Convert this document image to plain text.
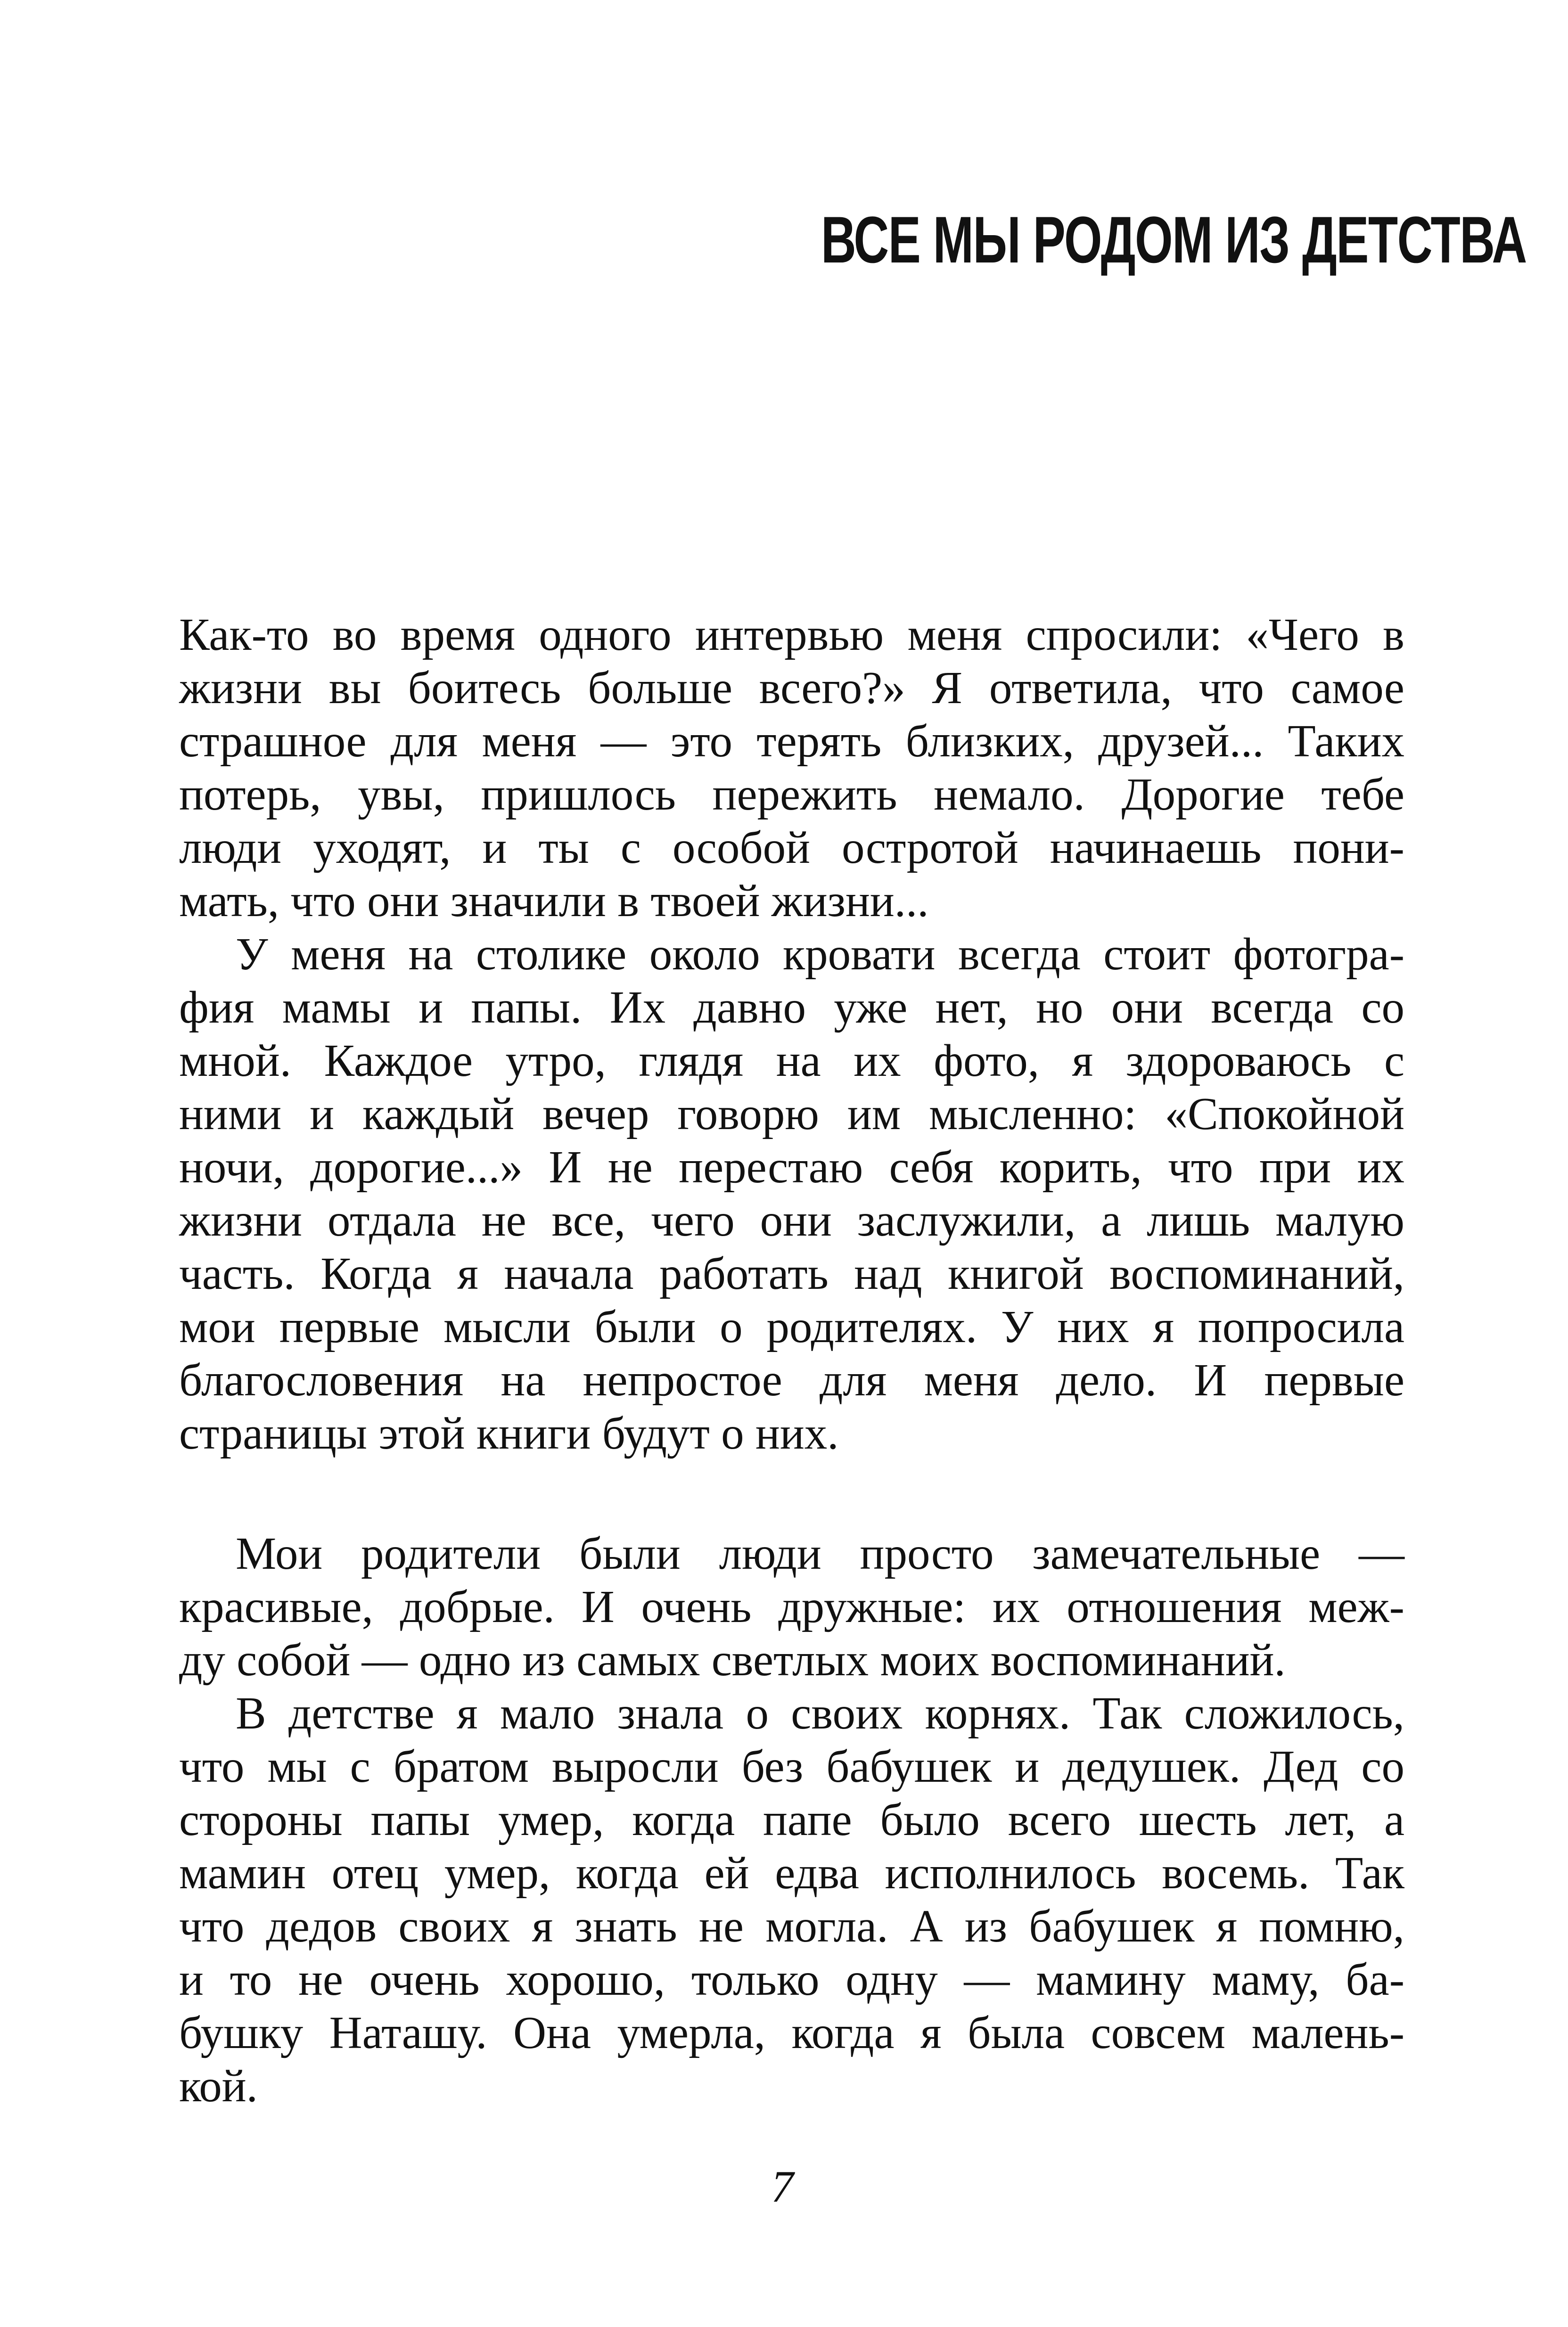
ВСЕ МЫ РОДОМ ИЗ ДЕТСТВА
Как-то во время одного интервью меня спросили: «Чего в
жизни вы боитесь больше всего?» Я ответила, что самое
страшное для меня — это терять близких, друзей... Таких
потерь, увы, пришлось пережить немало. Дорогие тебе
люди уходят, и ты с особой остротой начинаешь пони-
мать, что они значили в твоей жизни...
У меня на столике около кровати всегда стоит фотогра-
фия мамы и папы. Их давно уже нет, но они всегда со
мной. Каждое утро, глядя на их фото, я здороваюсь с
ними и каждый вечер говорю им мысленно: «Спокойной
ночи, дорогие...» И не перестаю себя корить, что при их
жизни отдала не все, чего они заслужили, а лишь малую
часть. Когда я начала работать над книгой воспоминаний,
мои первые мысли были о родителях. У них я попросила
благословения на непростое для меня дело. И первые
страницы этой книги будут о них.
Мои родители были люди просто замечательные —
красивые, добрые. И очень дружные: их отношения меж-
ду собой — одно из самых светлых моих воспоминаний.
В детстве я мало знала о своих корнях. Так сложилось,
что мы с братом выросли без бабушек и дедушек. Дед со
стороны папы умер, когда папе было всего шесть лет, а
мамин отец умер, когда ей едва исполнилось восемь. Так
что дедов своих я знать не могла. А из бабушек я помню,
и то не очень хорошо, только одну — мамину маму, ба-
бушку Наташу. Она умерла, когда я была совсем малень-
кой.
7
